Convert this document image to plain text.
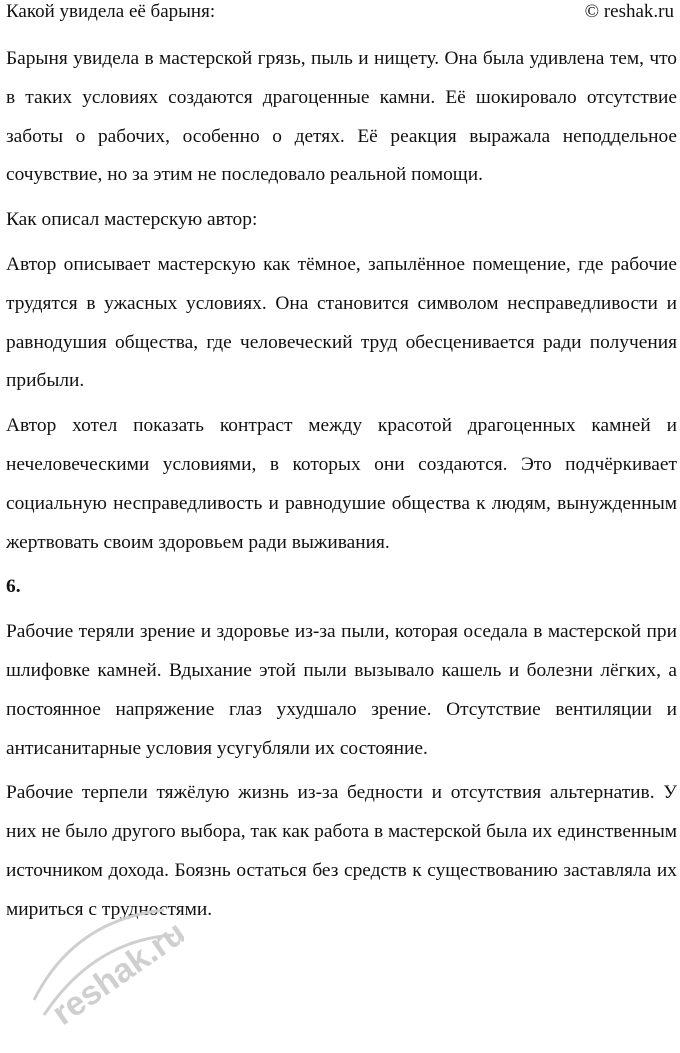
Какой увидела её барыня:	© reshak.ru

Барыня увидела в мастерской грязь, пыль и нищету. Она была удивлена тем, что в таких условиях создаются драгоценные камни. Её шокировало отсутствие заботы о рабочих, особенно о детях. Её реакция выражала неподдельное сочувствие, но за этим не последовало реальной помощи.

Как описал мастерскую автор:

Автор описывает мастерскую как тёмное, запылённое помещение, где рабочие трудятся в ужасных условиях. Она становится символом несправедливости и равнодушия общества, где человеческий труд обесценивается ради получения прибыли.

Автор хотел показать контраст между красотой драгоценных камней и нечеловеческими условиями, в которых они создаются. Это подчёркивает социальную несправедливость и равнодушие общества к людям, вынужденным жертвовать своим здоровьем ради выживания.

6.

Рабочие теряли зрение и здоровье из-за пыли, которая оседала в мастерской при шлифовке камней. Вдыхание этой пыли вызывало кашель и болезни лёгких, а постоянное напряжение глаз ухудшало зрение. Отсутствие вентиляции и антисанитарные условия усугубляли их состояние.

Рабочие терпели тяжёлую жизнь из-за бедности и отсутствия альтернатив. У них не было другого выбора, так как работа в мастерской была их единственным источником дохода. Боязнь остаться без средств к существованию заставляла их мириться с трудностями.

reshak.ru
